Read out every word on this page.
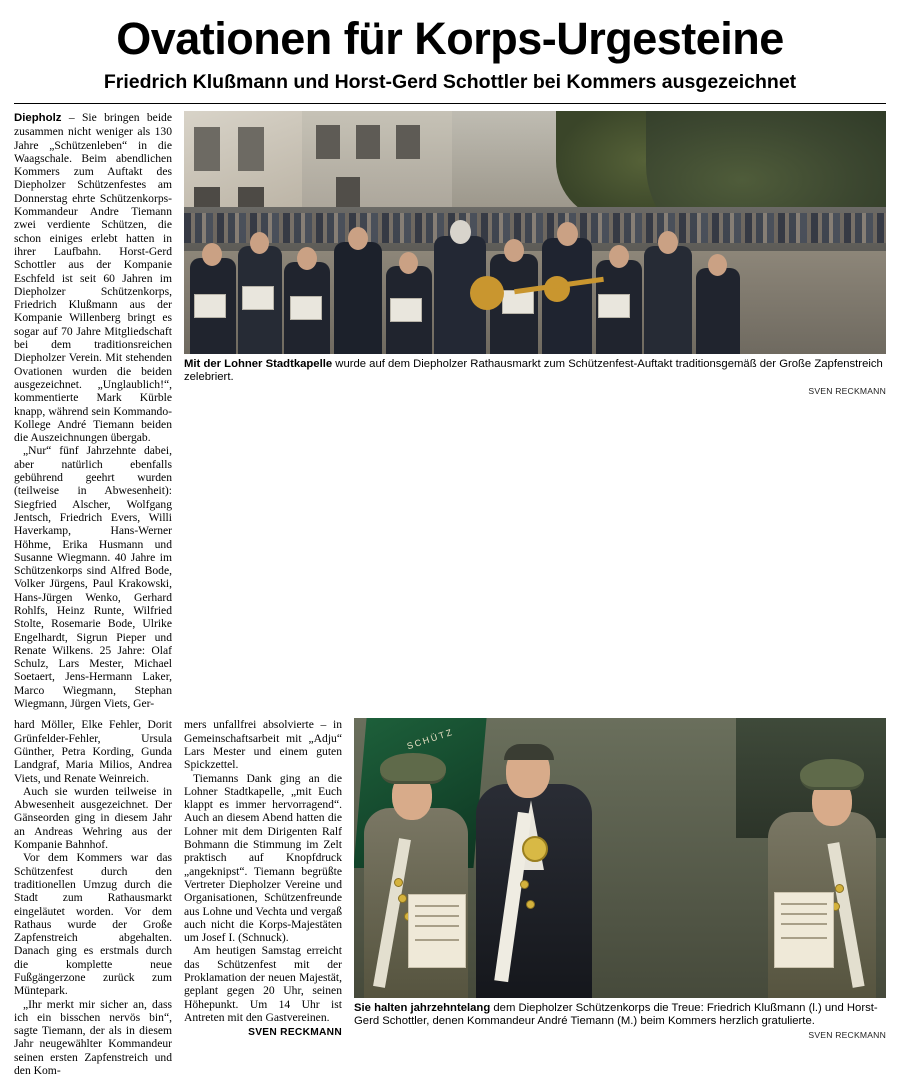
Ovationen für Korps-Urgesteine
Friedrich Klußmann und Horst-Gerd Schottler bei Kommers ausgezeichnet

Diepholz – Sie bringen beide zusammen nicht weniger als 130 Jahre „Schützenleben“ in die Waagschale. Beim abendlichen Kommers zum Auftakt des Diepholzer Schützenfestes am Donnerstag ehrte Schützenkorps-Kommandeur Andre Tiemann zwei verdiente Schützen, die schon einiges erlebt hatten in ihrer Laufbahn. Horst-Gerd Schottler aus der Kompanie Eschfeld ist seit 60 Jahren im Diepholzer Schützenkorps, Friedrich Klußmann aus der Kompanie Willenberg bringt es sogar auf 70 Jahre Mitgliedschaft bei dem traditionsreichen Diepholzer Verein. Mit stehenden Ovationen wurden die beiden ausgezeichnet. „Unglaublich!“, kommentierte Mark Kürble knapp, während sein Kommando-Kollege André Tiemann beiden die Auszeichnungen übergab.

„Nur“ fünf Jahrzehnte dabei, aber natürlich ebenfalls gebührend geehrt wurden (teilweise in Abwesenheit): Siegfried Alscher, Wolfgang Jentsch, Friedrich Evers, Willi Haverkamp, Hans-Werner Höhme, Erika Husmann und Susanne Wiegmann. 40 Jahre im Schützenkorps sind Alfred Bode, Volker Jürgens, Paul Krakowski, Hans-Jürgen Wenko, Gerhard Rohlfs, Heinz Runte, Wilfried Stolte, Rosemarie Bode, Ulrike Engelhardt, Sigrun Pieper und Renate Wilkens. 25 Jahre: Olaf Schulz, Lars Mester, Michael Soetaert, Jens-Hermann Laker, Marco Wiegmann, Stephan Wiegmann, Jürgen Viets, Ger-

Mit der Lohner Stadtkapelle wurde auf dem Diepholzer Rathausmarkt zum Schützenfest-Auftakt traditionsgemäß der Große Zapfenstreich zelebriert.
SVEN RECKMANN

hard Möller, Elke Fehler, Dorit Grünfelder-Fehler, Ursula Günther, Petra Kording, Gunda Landgraf, Maria Milios, Andrea Viets, und Renate Weinreich.

Auch sie wurden teilweise in Abwesenheit ausgezeichnet. Der Gänseorden ging in diesem Jahr an Andreas Wehring aus der Kompanie Bahnhof.

Vor dem Kommers war das Schützenfest durch den traditionellen Umzug durch die Stadt zum Rathausmarkt eingeläutet worden. Vor dem Rathaus wurde der Große Zapfenstreich abgehalten. Danach ging es erstmals durch die komplette neue Fußgängerzone zurück zum Müntepark.

„Ihr merkt mir sicher an, dass ich ein bisschen nervös bin“, sagte Tiemann, der als in diesem Jahr neugewählter Kommandeur seinen ersten Zapfenstreich und den Kom-

mers unfallfrei absolvierte – in Gemeinschaftsarbeit mit „Adju“ Lars Mester und einem guten Spickzettel.

Tiemanns Dank ging an die Lohner Stadtkapelle, „mit Euch klappt es immer hervorragend“. Auch an diesem Abend hatten die Lohner mit dem Dirigenten Ralf Bohmann die Stimmung im Zelt praktisch auf Knopfdruck „angeknipst“. Tiemann begrüßte Vertreter Diepholzer Vereine und Organisationen, Schützenfreunde aus Lohne und Vechta und vergaß auch nicht die Korps-Majestäten um Josef I. (Schnuck).

Am heutigen Samstag erreicht das Schützenfest mit der Proklamation der neuen Majestät, geplant gegen 20 Uhr, seinen Höhepunkt. Um 14 Uhr ist Antreten mit den Gastvereinen.

SVEN RECKMANN
SCHÜTZ
Sie halten jahrzehntelang dem Diepholzer Schützenkorps die Treue: Friedrich Klußmann (l.) und Horst-Gerd Schottler, denen Kommandeur André Tiemann (M.) beim Kommers herzlich gratulierte.
SVEN RECKMANN
